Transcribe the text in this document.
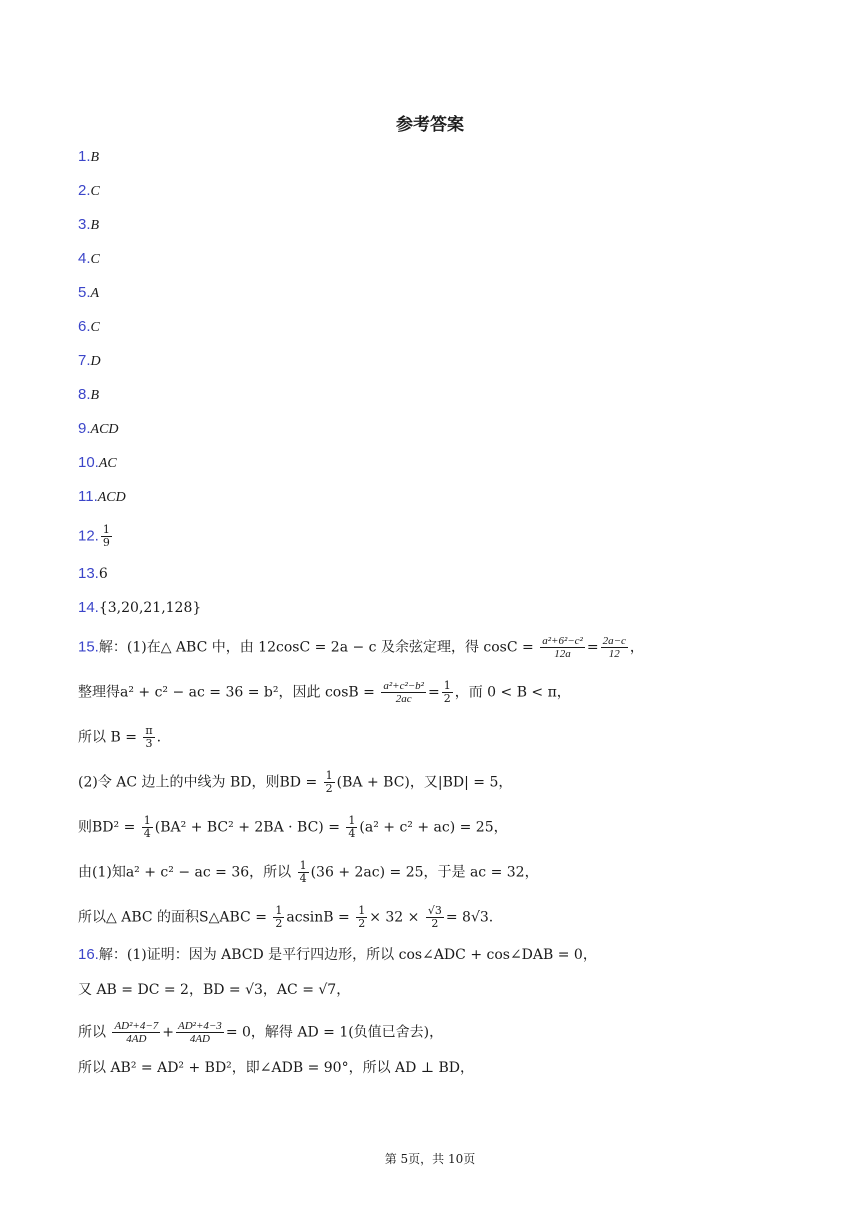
参考答案
1.B
2.C
3.B
4.C
5.A
6.C
7.D
8.B
9.ACD
10.AC
11.ACD
12. $\frac{1}{9}$
13.6
14.{3,20,21,128}
15.解：(1)在△ ABC 中，由 12cosC = 2a − c 及余弦定理，得 $\cos C = \frac{\text{a²+6²−c²}}{12a} = \frac{2a-c}{12}$ ，
整理得a² + c² − ac = 36 = b²，因此 $\cos B = \frac{\text{a²+c²−b²}}{2ac} = \frac{1}{2}$ ，而 0 < B < π，
所以 $B = \frac{\pi}{3}$ .
(2)令 AC 边上的中线为 BD，则BD = $\frac{1}{2} (BA + BC)$，又|BD| = 5，
则$BD^2 = \frac{1}{4} (BA^2 + BC^2 + 2BA \cdot BC) = \frac{1}{4} (a^2 + c^2 + ac) = 25$，
由(1)知a² + c² − ac = 36，所以 $\frac{1}{4} (36 + 2ac) = 25$，于是 ac = 32，
所以△ ABC 的面积S△ABC = $\frac{1}{2}$ $acsinB = \frac{1}{2} \times 32 \times \frac{√3}{2} = 8√3$.
16.解：(1)证明：因为 ABCD 是平行四边形，所以 cos∠ADC + cos∠DAB = 0，
又 AB = DC = 2，BD = √3，AC = √7，
所以 $\frac{\text{AD²+4−7}}{4AD} + \frac{\text{AD²+4−3}}{4AD} = 0$，解得 AD = 1(负值已舍去)，
所以 AB² = AD² + BD²，即∠ADB = 90°，所以 AD ⊥ BD，
第 5页，共 10页
